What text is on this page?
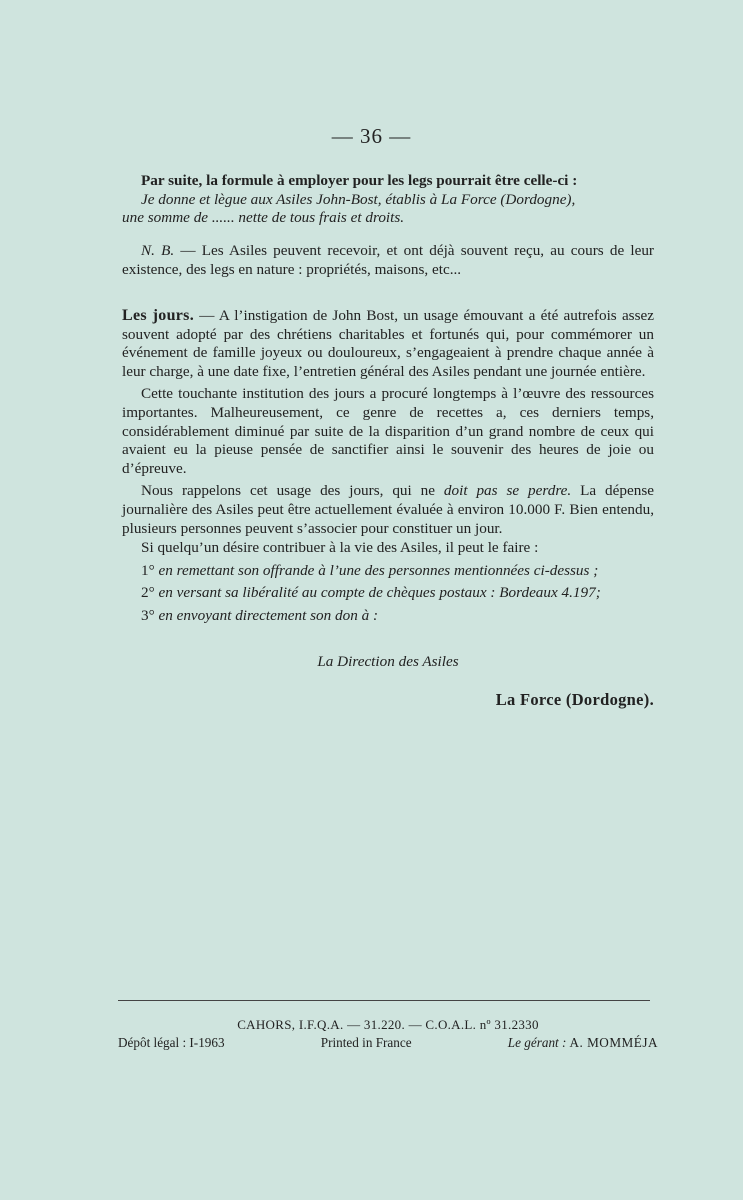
— 36 —

Par suite, la formule à employer pour les legs pourrait être celle-ci :

Je donne et lègue aux Asiles John-Bost, établis à La Force (Dordogne),

une somme de ...... nette de tous frais et droits.

N. B. — Les Asiles peuvent recevoir, et ont déjà souvent reçu, au cours de leur existence, des legs en nature : propriétés, maisons, etc...

Les jours. — A l’instigation de John Bost, un usage émouvant a été autrefois assez souvent adopté par des chrétiens charitables et fortunés qui, pour commémorer un événement de famille joyeux ou douloureux, s’engageaient à prendre chaque année à leur charge, à une date fixe, l’entretien général des Asiles pendant une journée entière.

Cette touchante institution des jours a procuré longtemps à l’œuvre des ressources importantes. Malheureusement, ce genre de recettes a, ces derniers temps, considérablement diminué par suite de la disparition d’un grand nombre de ceux qui avaient eu la pieuse pensée de sanctifier ainsi le souvenir des heures de joie ou d’épreuve.

Nous rappelons cet usage des jours, qui ne doit pas se perdre. La dépense journalière des Asiles peut être actuellement évaluée à environ 10.000 F. Bien entendu, plusieurs personnes peuvent s’associer pour constituer un jour.

Si quelqu’un désire contribuer à la vie des Asiles, il peut le faire :

1° en remettant son offrande à l’une des personnes mentionnées ci-dessus ;

2° en versant sa libéralité au compte de chèques postaux : Bordeaux 4.197;

3° en envoyant directement son don à :

La Direction des Asiles
La Force (Dordogne).
CAHORS, I.F.Q.A. — 31.220. — C.O.A.L. nº 31.2330
Dépôt légal : I-1963	Printed in France	Le gérant : A. MOMMÉJA
